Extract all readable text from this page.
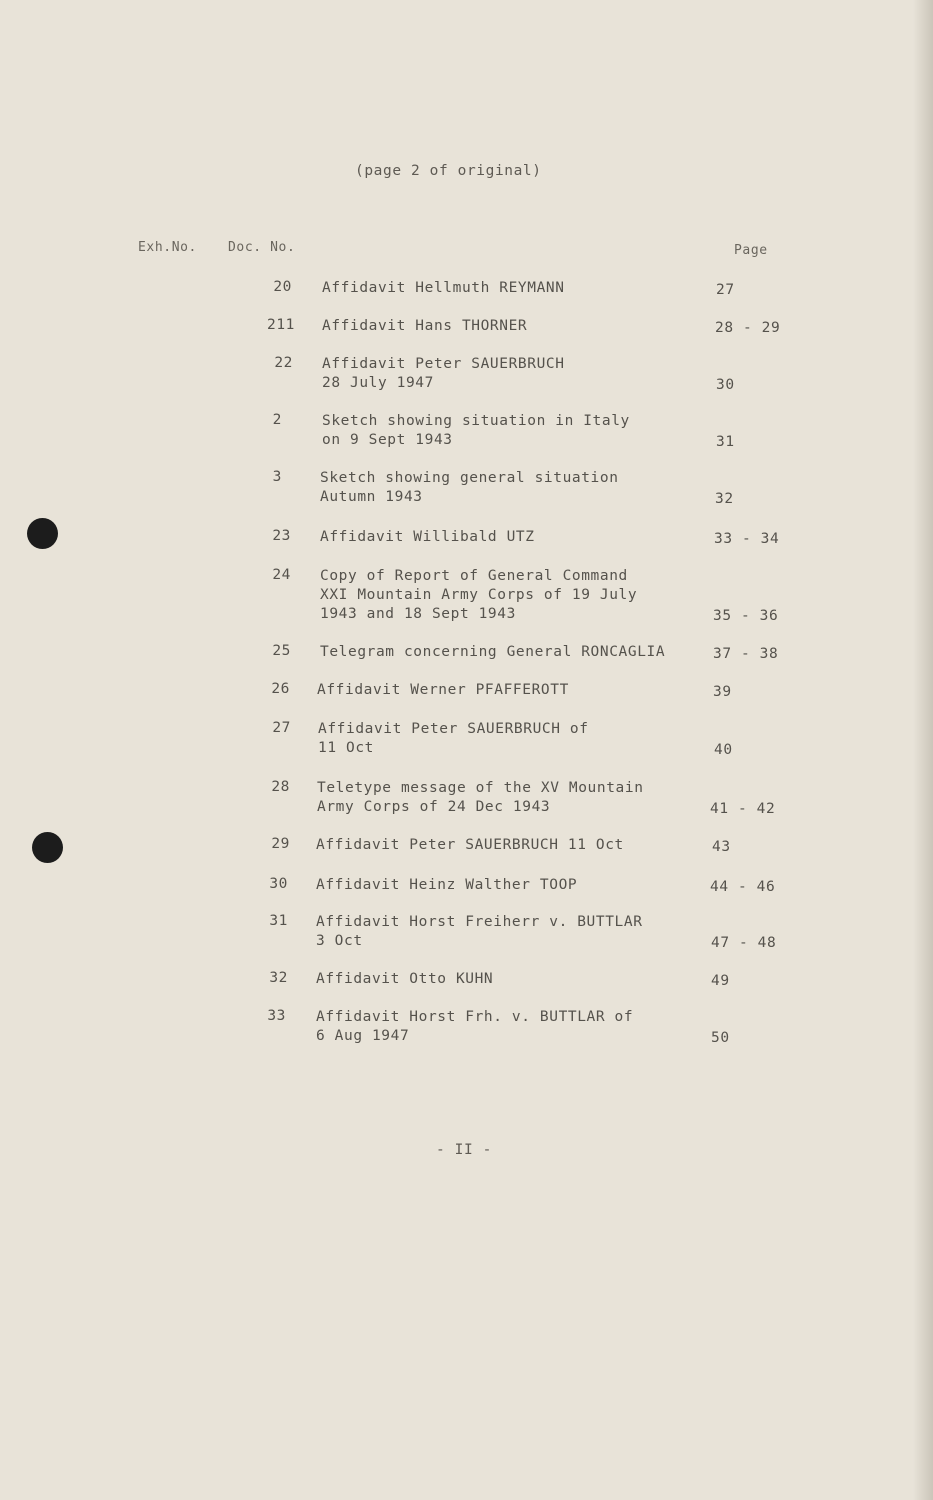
(page 2 of original)
Exh.No. Doc. No.	Page
20 Affidavit Hellmuth REYMANN	27
211 Affidavit Hans THORNER	28 - 29
22 Affidavit Peter SAUERBRUCH
28 July 1947	30
2	Sketch showing situation in Italy
on 9 Sept 1943	31
3	Sketch showing general situation
Autumn 1943	32
23 Affidavit Willibald UTZ	33 - 34
24 Copy of Report of General Command
XXI Mountain Army Corps of 19 July
1943 and 18 Sept 1943	35 - 36
25 Telegram concerning General RONCAGLIA	37 - 38
26 Affidavit Werner PFAFFEROTT	39
27 Affidavit Peter SAUERBRUCH of
11 Oct	40
28 Teletype message of the XV Mountain
Army Corps of 24 Dec 1943	41 - 42
29 Affidavit Peter SAUERBRUCH 11 Oct	43
30 Affidavit Heinz Walther TOOP	44 - 46
31 Affidavit Horst Freiherr v. BUTTLAR
3 Oct	47 - 48
32 Affidavit Otto KUHN	49
33 Affidavit Horst Frh. v. BUTTLAR of
6 Aug 1947	50
- II -
